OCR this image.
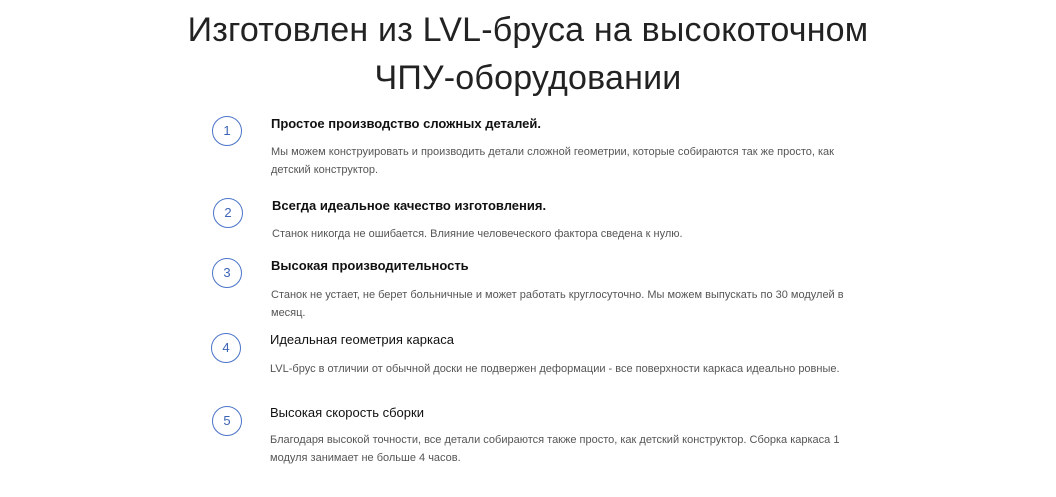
Изготовлен из LVL-бруса на высокоточном
ЧПУ-оборудовании
1	Простое производство сложных деталей.
Мы можем конструировать и производить детали сложной геометрии, которые собираются так же просто, как детский конструктор.
2	Всегда идеальное качество изготовления.
Станок никогда не ошибается. Влияние человеческого фактора сведена к нулю.
3	Высокая производительность
Станок не устает, не берет больничные и может работать круглосуточно. Мы можем выпускать по 30 модулей в месяц.
4
Идеальная геометрия каркаса
LVL-брус в отличии от обычной доски не подвержен деформации - все поверхности каркаса идеально ровные.
5
Высокая скорость сборки
Благодаря высокой точности, все детали собираются также просто, как детский конструктор. Сборка каркаса 1 модуля занимает не больше 4 часов.
